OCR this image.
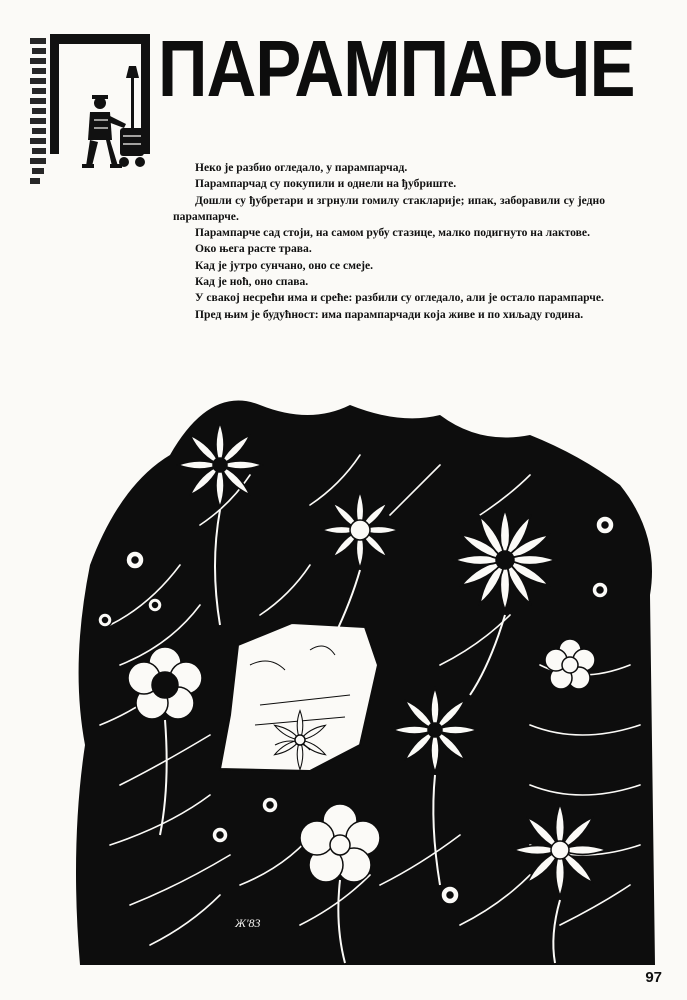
ПАРАМПАРЧЕ

Неко је разбио огледало, у парампарчад.

Парампарчад су покупили и однели на ђубриште.

Дошли су ђубретари и згрнули гомилу стакларије; ипак, заборавили су једно парампарче.

Парампарче сад стоји, на самом рубу стазице, малко подигнуто на лактове.

Око њега расте трава.

Кад је јутро сунчано, оно се смеје.

Кад је ноћ, оно спава.

У свакој несрећи има и среће: разбили су огледало, али је остало парампарче.

Пред њим је будућност: има парампарчади која живе и по хиљаду година.

Ж'83
97
